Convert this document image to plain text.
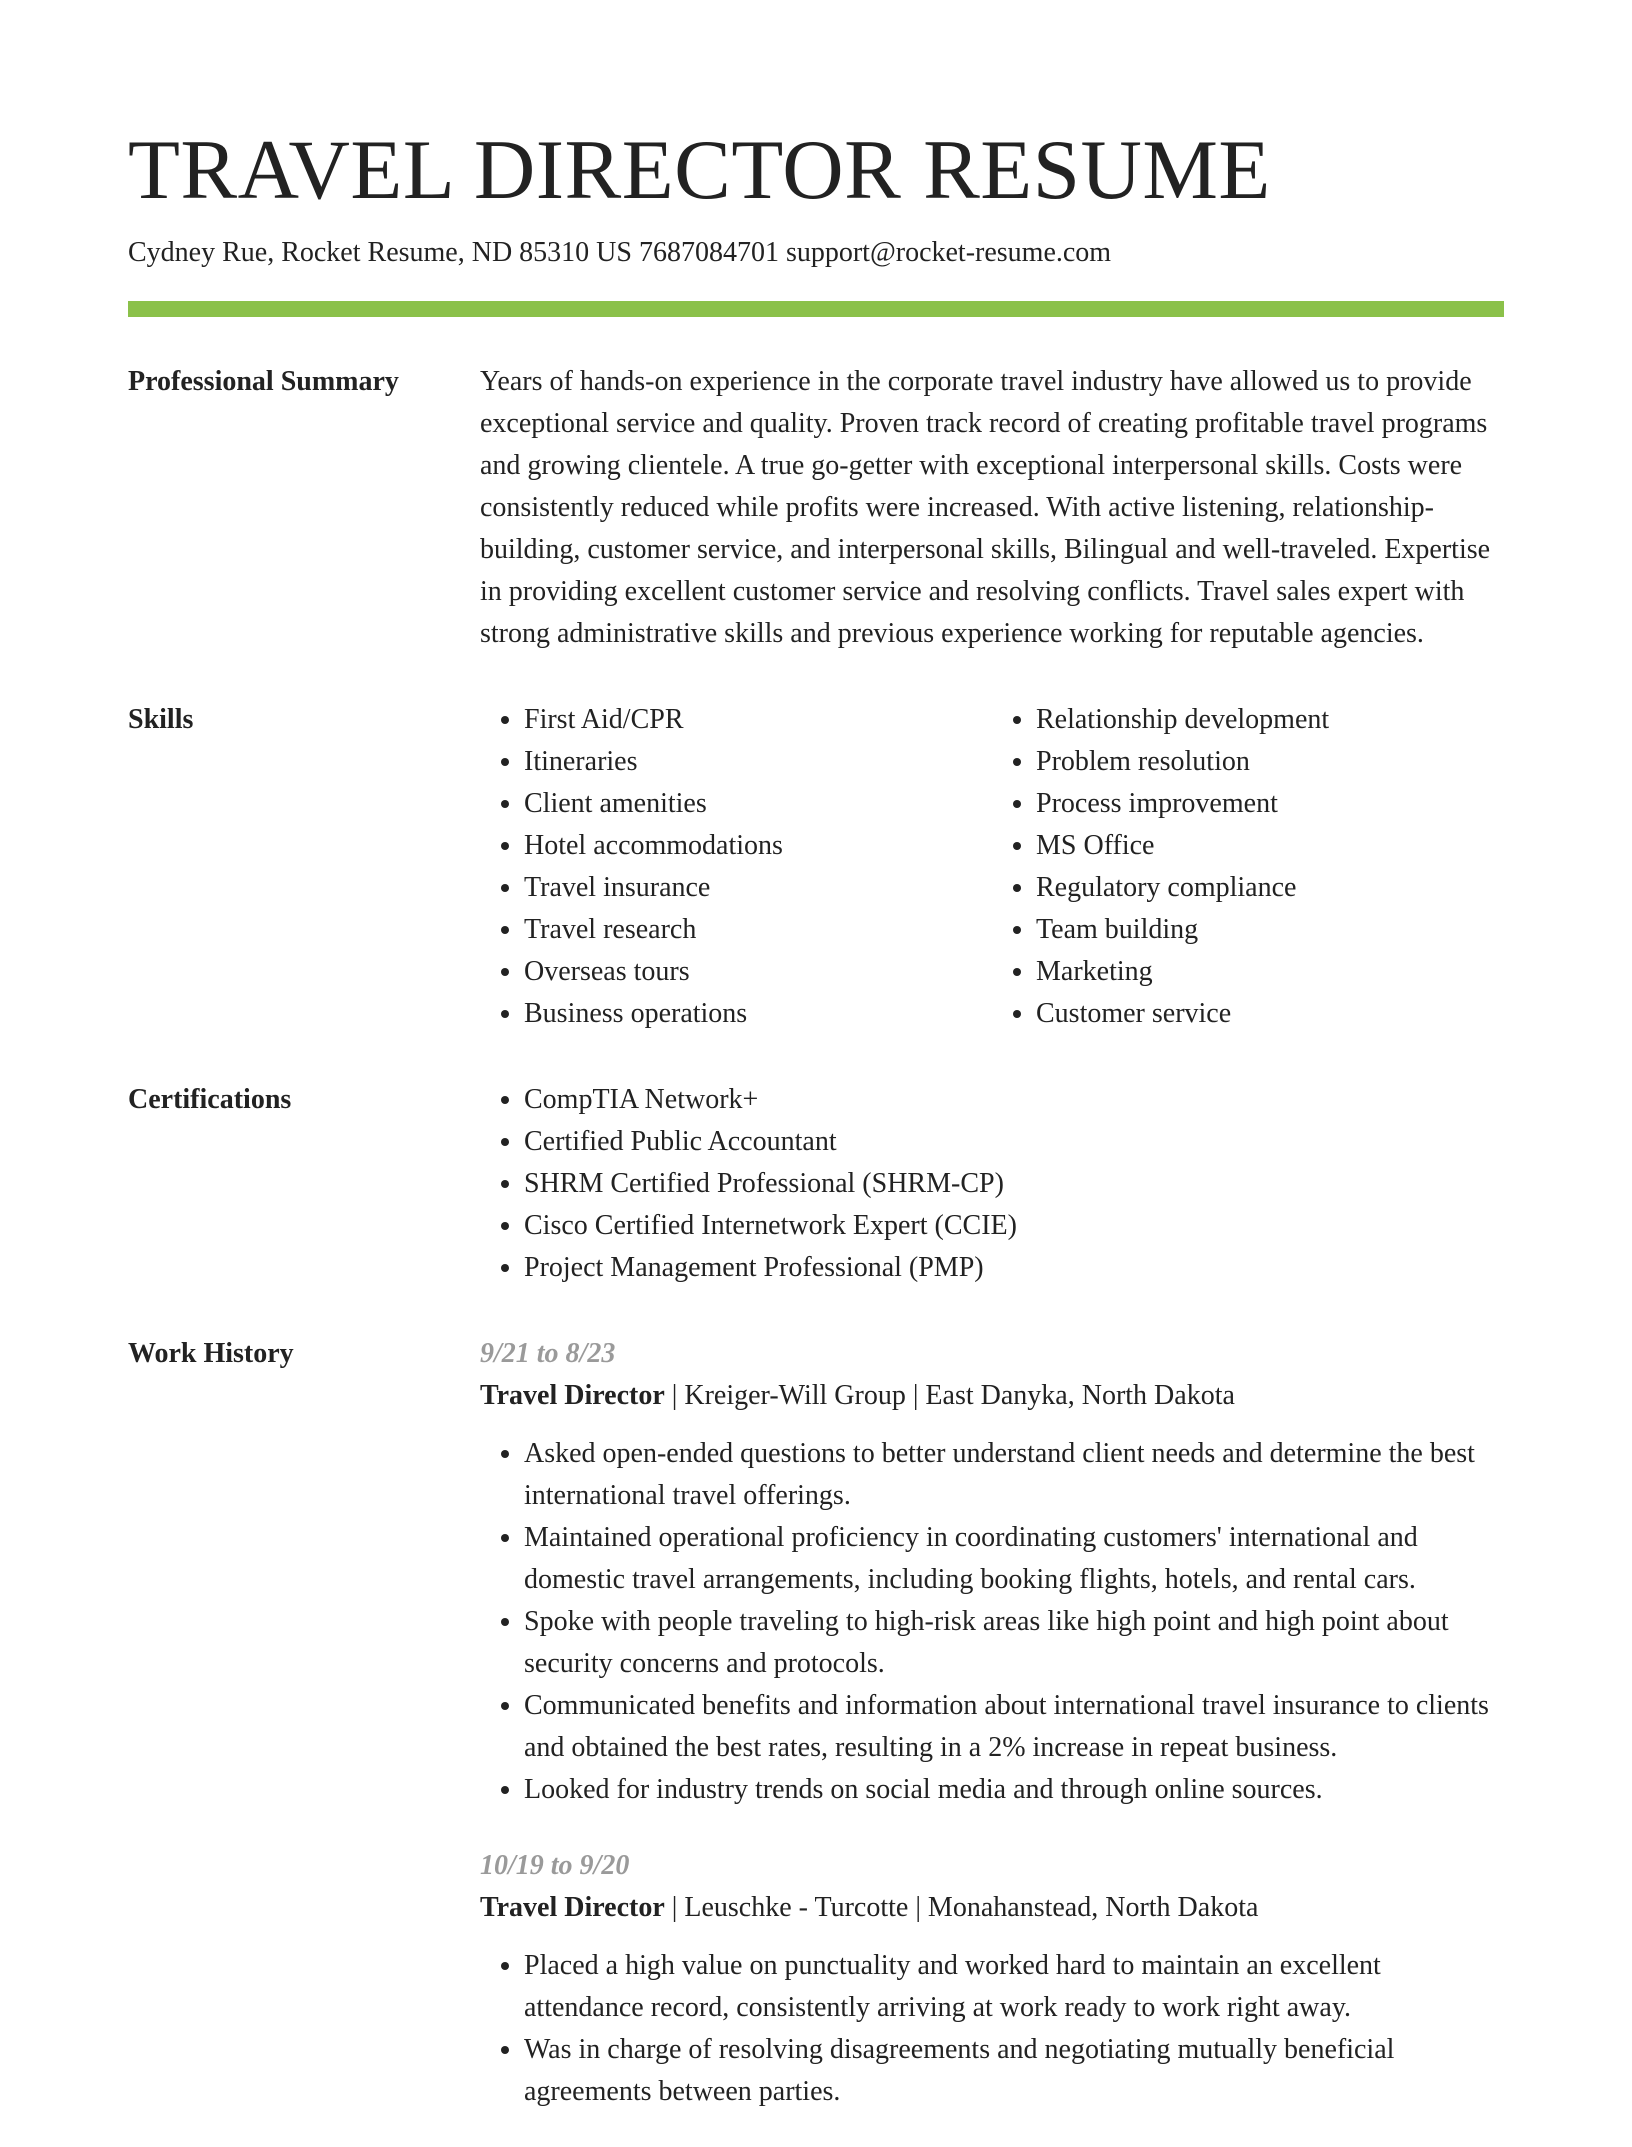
TRAVEL DIRECTOR RESUME
Cydney Rue, Rocket Resume, ND 85310 US 7687084701 support@rocket-resume.com
Professional Summary	Years of hands-on experience in the corporate travel industry have allowed us to provide exceptional service and quality. Proven track record of creating profitable travel programs and growing clientele. A true go-getter with exceptional interpersonal skills. Costs were consistently reduced while profits were increased. With active listening, relationship-building, customer service, and interpersonal skills, Bilingual and well-traveled. Expertise in providing excellent customer service and resolving conflicts. Travel sales expert with strong administrative skills and previous experience working for reputable agencies.

Skills	• First Aid/CPR
• Itineraries
• Client amenities
• Hotel accommodations
• Travel insurance
• Travel research
• Overseas tours
• Business operations
• Relationship development
• Problem resolution
• Process improvement
• MS Office
• Regulatory compliance
• Team building
• Marketing
• Customer service
Certifications	• CompTIA Network+
• Certified Public Accountant
• SHRM Certified Professional (SHRM-CP)
• Cisco Certified Internetwork Expert (CCIE)
• Project Management Professional (PMP)
Work History	9/21 to 8/23
Travel Director | Kreiger-Will Group | East Danyka, North Dakota
• Asked open-ended questions to better understand client needs and determine the best international travel offerings.
• Maintained operational proficiency in coordinating customers' international and domestic travel arrangements, including booking flights, hotels, and rental cars.
• Spoke with people traveling to high-risk areas like high point and high point about security concerns and protocols.
• Communicated benefits and information about international travel insurance to clients and obtained the best rates, resulting in a 2% increase in repeat business.
• Looked for industry trends on social media and through online sources.
10/19 to 9/20
Travel Director | Leuschke - Turcotte | Monahanstead, North Dakota
• Placed a high value on punctuality and worked hard to maintain an excellent attendance record, consistently arriving at work ready to work right away.
• Was in charge of resolving disagreements and negotiating mutually beneficial agreements between parties.
